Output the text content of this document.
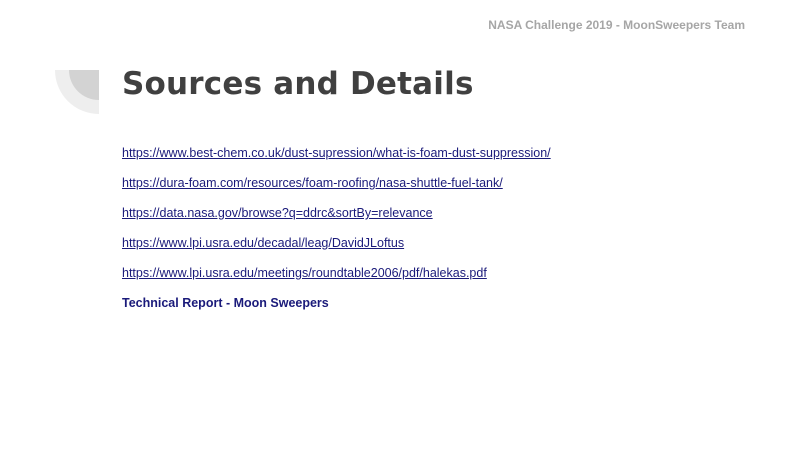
NASA Challenge 2019 - MoonSweepers Team
Sources and Details
https://www.best-chem.co.uk/dust-supression/what-is-foam-dust-suppression/
https://dura-foam.com/resources/foam-roofing/nasa-shuttle-fuel-tank/
https://data.nasa.gov/browse?q=ddrc&sortBy=relevance
https://www.lpi.usra.edu/decadal/leag/DavidJLoftus
https://www.lpi.usra.edu/meetings/roundtable2006/pdf/halekas.pdf
Technical Report - Moon Sweepers
